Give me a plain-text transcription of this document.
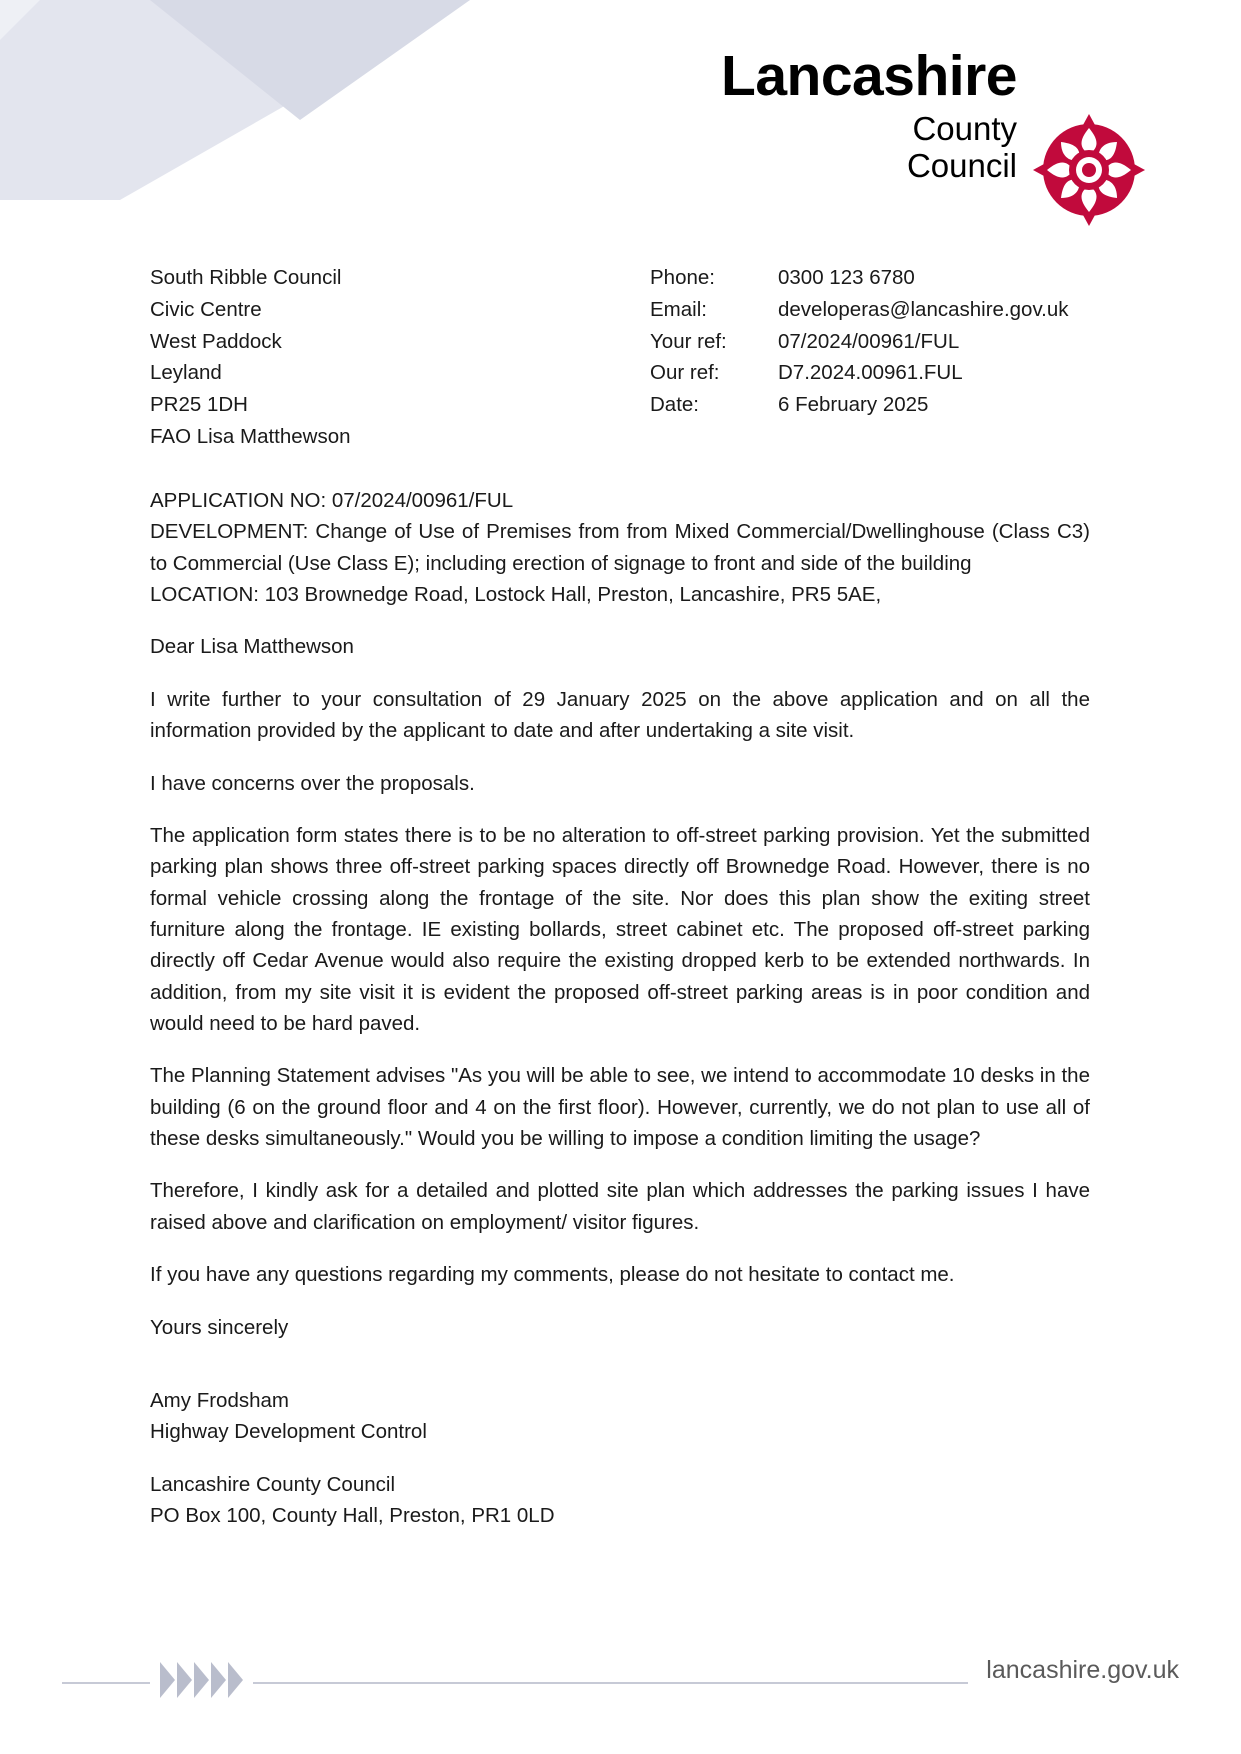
Lancashire
County
Council
South Ribble Council
Civic Centre
West Paddock
Leyland
PR25 1DH
FAO Lisa Matthewson
Phone:	0300 123 6780
Email:	developeras@lancashire.gov.uk
Your ref:	07/2024/00961/FUL
Our ref:	D7.2024.00961.FUL
Date:	6 February 2025
APPLICATION NO: 07/2024/00961/FUL
DEVELOPMENT: Change of Use of Premises from from Mixed Commercial/Dwellinghouse (Class C3) to Commercial (Use Class E); including erection of signage to front and side of the building
LOCATION: 103 Brownedge Road, Lostock Hall, Preston, Lancashire, PR5 5AE,
Dear Lisa Matthewson
I write further to your consultation of 29 January 2025 on the above application and on all the information provided by the applicant to date and after undertaking a site visit.
I have concerns over the proposals.
The application form states there is to be no alteration to off-street parking provision. Yet the submitted parking plan shows three off-street parking spaces directly off Brownedge Road. However, there is no formal vehicle crossing along the frontage of the site. Nor does this plan show the exiting street furniture along the frontage. IE existing bollards, street cabinet etc. The proposed off-street parking directly off Cedar Avenue would also require the existing dropped kerb to be extended northwards. In addition, from my site visit it is evident the proposed off-street parking areas is in poor condition and would need to be hard paved.
The Planning Statement advises "As you will be able to see, we intend to accommodate 10 desks in the building (6 on the ground floor and 4 on the first floor). However, currently, we do not plan to use all of these desks simultaneously." Would you be willing to impose a condition limiting the usage?
Therefore, I kindly ask for a detailed and plotted site plan which addresses the parking issues I have raised above and clarification on employment/ visitor figures.
If you have any questions regarding my comments, please do not hesitate to contact me.
Yours sincerely
Amy Frodsham
Highway Development Control
Lancashire County Council
PO Box 100, County Hall, Preston, PR1 0LD
lancashire.gov.uk
